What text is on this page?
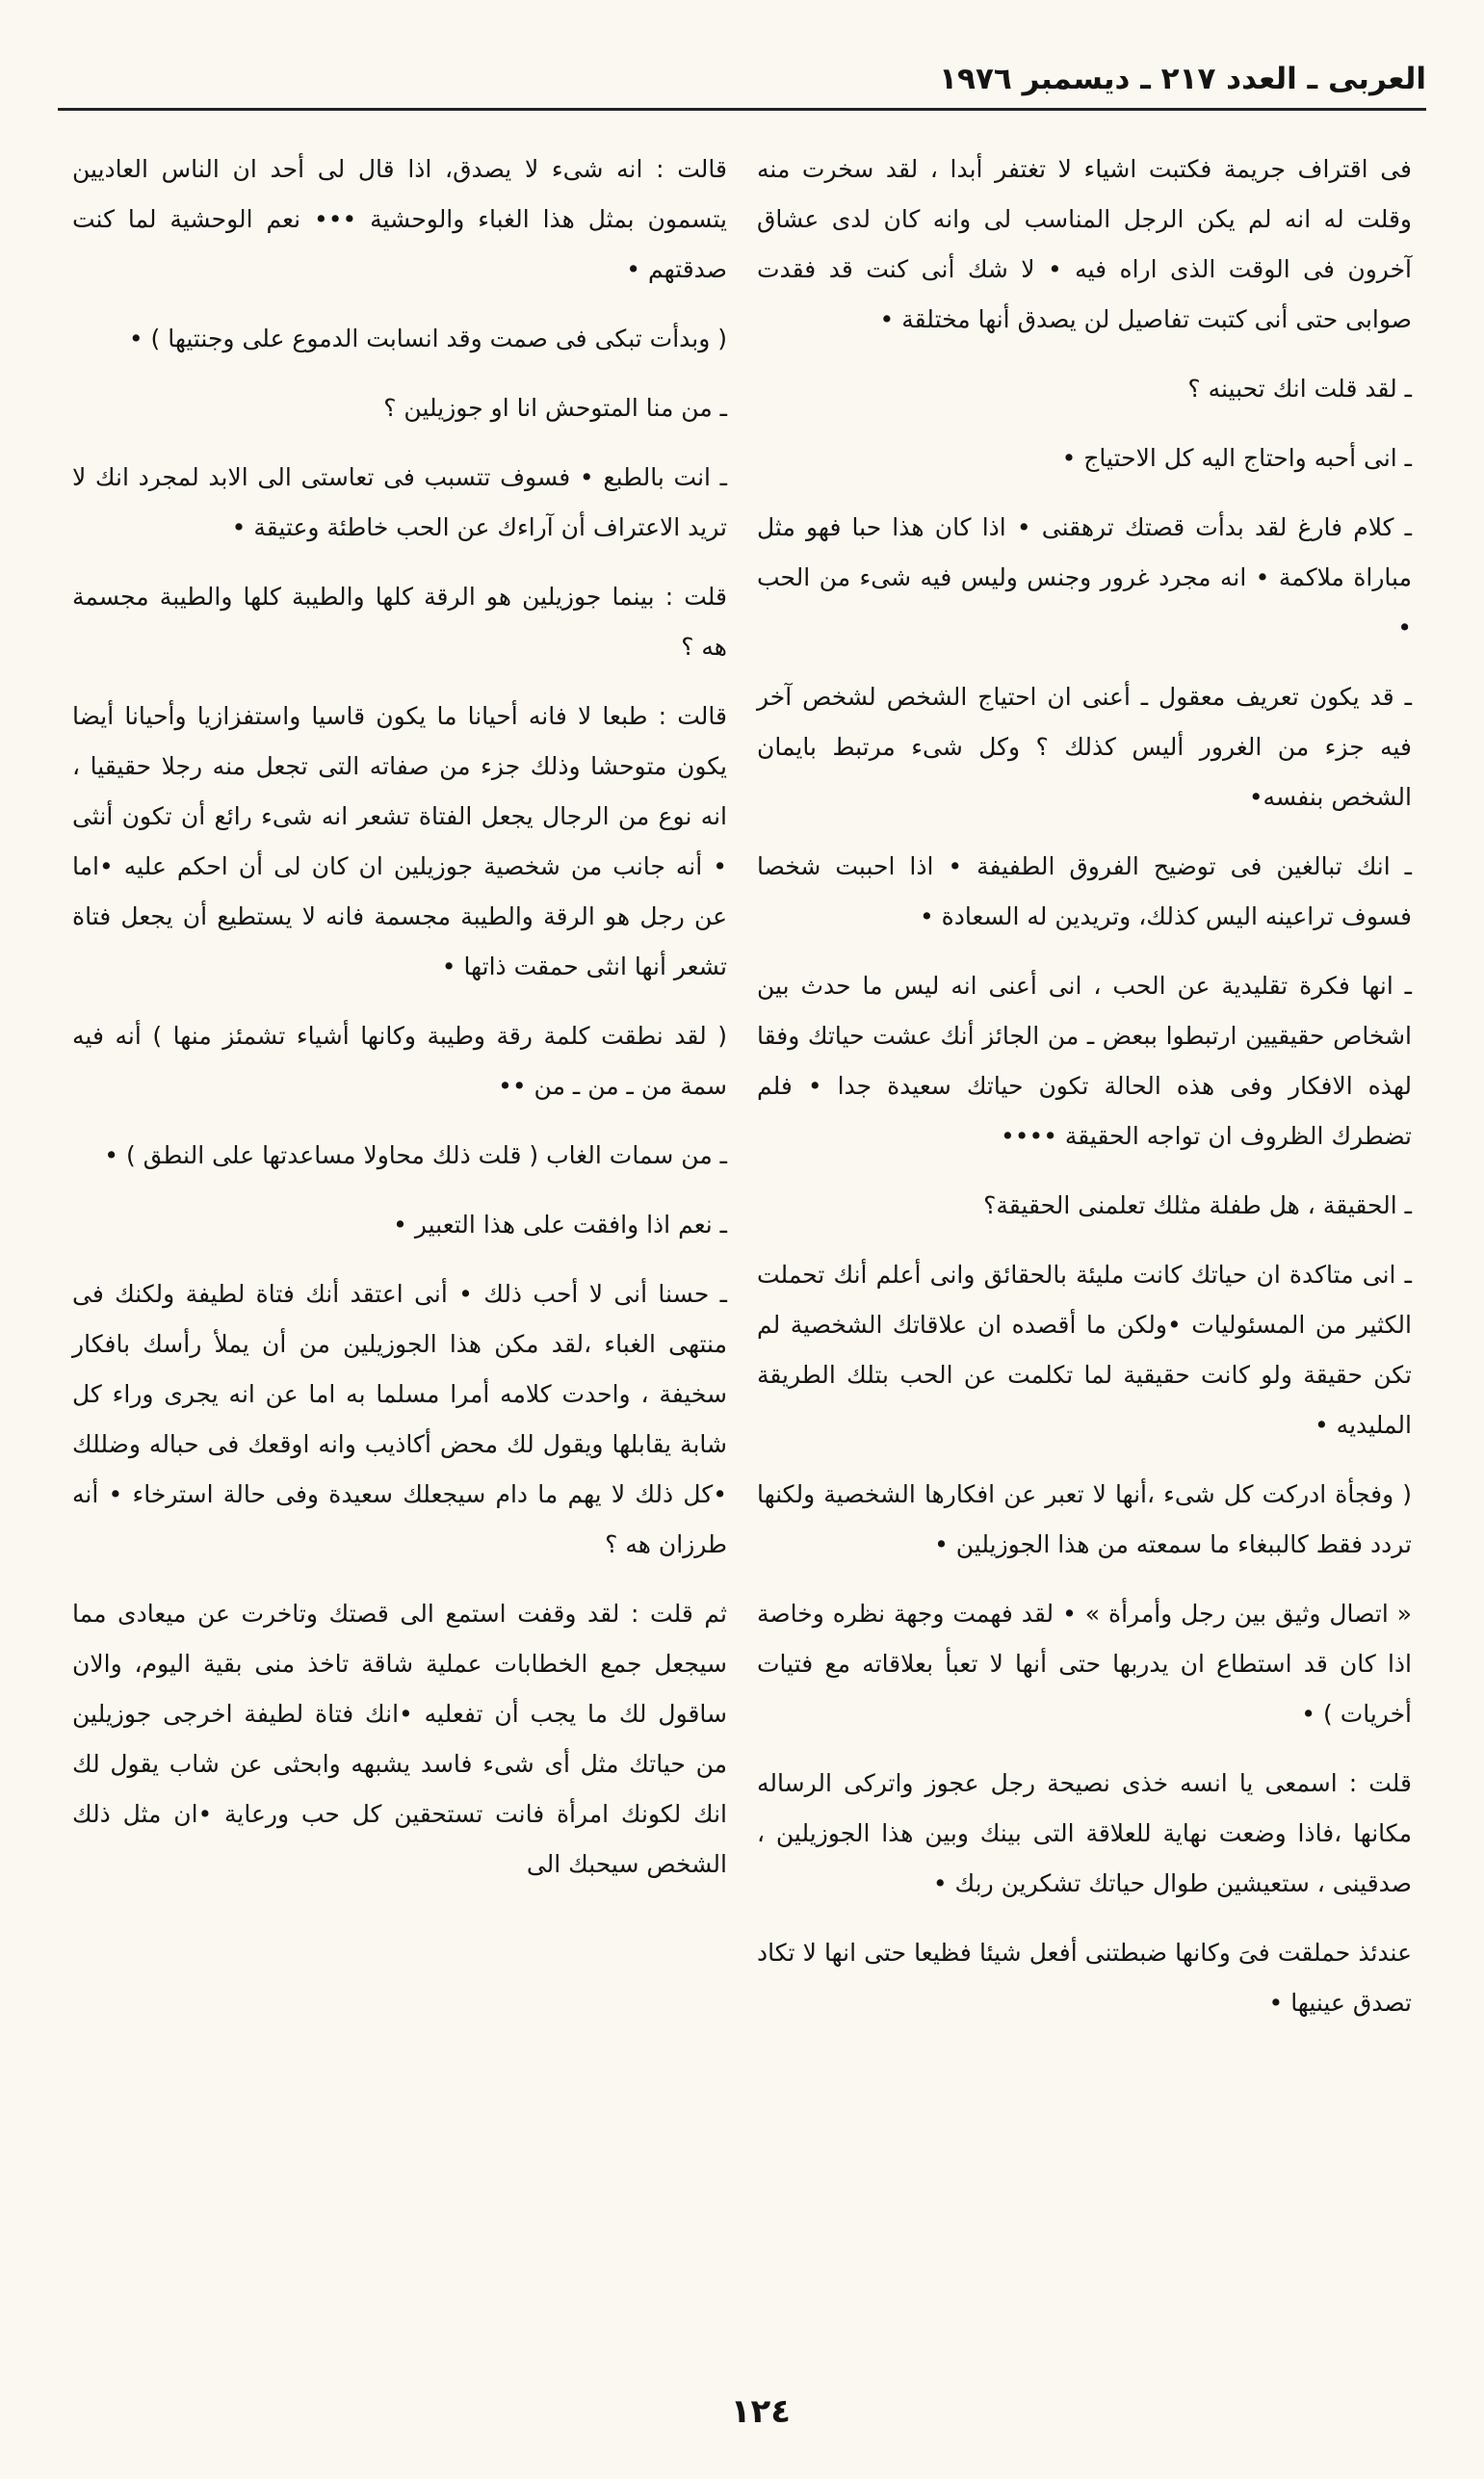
العربى ـ العدد ٢١٧ ـ ديسمبر ١٩٧٦

فى اقتراف جريمة فكتبت اشياء لا تغتفر أبدا ، لقد سخرت منه وقلت له انه لم يكن الرجل المناسب لى وانه كان لدى عشاق آخرون فى الوقت الذى اراه فيه • لا شك أنى كنت قد فقدت صوابى حتى أنى كتبت تفاصيل لن يصدق أنها مختلقة •

ـ لقد قلت انك تحبينه ؟

ـ انى أحبه واحتاج اليه كل الاحتياج •

ـ كلام فارغ لقد بدأت قصتك ترهقنى • اذا كان هذا حبا فهو مثل مباراة ملاكمة • انه مجرد غرور وجنس وليس فيه شىء من الحب •

ـ قد يكون تعريف معقول ـ أعنى ان احتياج الشخص لشخص آخر فيه جزء من الغرور أليس كذلك ؟ وكل شىء مرتبط بايمان الشخص بنفسه•

ـ انك تبالغين فى توضيح الفروق الطفيفة • اذا احببت شخصا فسوف تراعينه اليس كذلك، وتريدين له السعادة •

ـ انها فكرة تقليدية عن الحب ، انى أعنى انه ليس ما حدث بين اشخاص حقيقيين ارتبطوا ببعض ـ من الجائز أنك عشت حياتك وفقا لهذه الافكار وفى هذه الحالة تكون حياتك سعيدة جدا • فلم تضطرك الظروف ان تواجه الحقيقة ••••

ـ الحقيقة ، هل طفلة مثلك تعلمنى الحقيقة؟

ـ انى متاكدة ان حياتك كانت مليئة بالحقائق وانى أعلم أنك تحملت الكثير من المسئوليات •ولكن ما أقصده ان علاقاتك الشخصية لم تكن حقيقة ولو كانت حقيقية لما تكلمت عن الحب بتلك الطريقة المليديه •

( وفجأة ادركت كل شىء ،أنها لا تعبر عن افكارها الشخصية ولكنها تردد فقط كالببغاء ما سمعته من هذا الجوزيلين •

« اتصال وثيق بين رجل وأمرأة » • لقد فهمت وجهة نظره وخاصة اذا كان قد استطاع ان يدربها حتى أنها لا تعبأ بعلاقاته مع فتيات أخريات ) •

قلت : اسمعى يا انسه خذى نصيحة رجل عجوز واتركى الرساله مكانها ،فاذا وضعت نهاية للعلاقة التى بينك وبين هذا الجوزيلين ، صدقينى ، ستعيشين طوال حياتك تشكرين ربك •

عندئذ حملقت فىَ وكانها ضبطتنى أفعل شيئا فظيعا حتى انها لا تكاد تصدق عينيها •

قالت : انه شىء لا يصدق، اذا قال لى أحد ان الناس العاديين يتسمون بمثل هذا الغباء والوحشية ••• نعم الوحشية لما كنت صدقتهم •

( وبدأت تبكى فى صمت وقد انسابت الدموع على وجنتيها ) •

ـ من منا المتوحش انا او جوزيلين ؟

ـ انت بالطبع • فسوف تتسبب فى تعاستى الى الابد لمجرد انك لا تريد الاعتراف أن آراءك عن الحب خاطئة وعتيقة •

قلت : بينما جوزيلين هو الرقة كلها والطيبة كلها والطيبة مجسمة هه ؟

قالت : طبعا لا فانه أحيانا ما يكون قاسيا واستفزازيا وأحيانا أيضا يكون متوحشا وذلك جزء من صفاته التى تجعل منه رجلا حقيقيا ، انه نوع من الرجال يجعل الفتاة تشعر انه شىء رائع أن تكون أنثى • أنه جانب من شخصية جوزيلين ان كان لى أن احكم عليه •اما عن رجل هو الرقة والطيبة مجسمة فانه لا يستطيع أن يجعل فتاة تشعر أنها انثى حمقت ذاتها •

( لقد نطقت كلمة رقة وطيبة وكانها أشياء تشمئز منها ) أنه فيه سمة من ـ من ـ من ••

ـ من سمات الغاب ( قلت ذلك محاولا مساعدتها على النطق ) •

ـ نعم اذا وافقت على هذا التعبير •

ـ حسنا أنى لا أحب ذلك • أنى اعتقد أنك فتاة لطيفة ولكنك فى منتهى الغباء ،لقد مكن هذا الجوزيلين من أن يملأ رأسك بافكار سخيفة ، واحدت كلامه أمرا مسلما به اما عن انه يجرى وراء كل شابة يقابلها ويقول لك محض أكاذيب وانه اوقعك فى حباله وضللك •كل ذلك لا يهم ما دام سيجعلك سعيدة وفى حالة استرخاء • أنه طرزان هه ؟

ثم قلت : لقد وقفت استمع الى قصتك وتاخرت عن ميعادى مما سيجعل جمع الخطابات عملية شاقة تاخذ منى بقية اليوم، والان ساقول لك ما يجب أن تفعليه •انك فتاة لطيفة اخرجى جوزيلين من حياتك مثل أى شىء فاسد يشبهه وابحثى عن شاب يقول لك انك لكونك امرأة فانت تستحقين كل حب ورعاية •ان مثل ذلك الشخص سيحبك الى

١٢٤
